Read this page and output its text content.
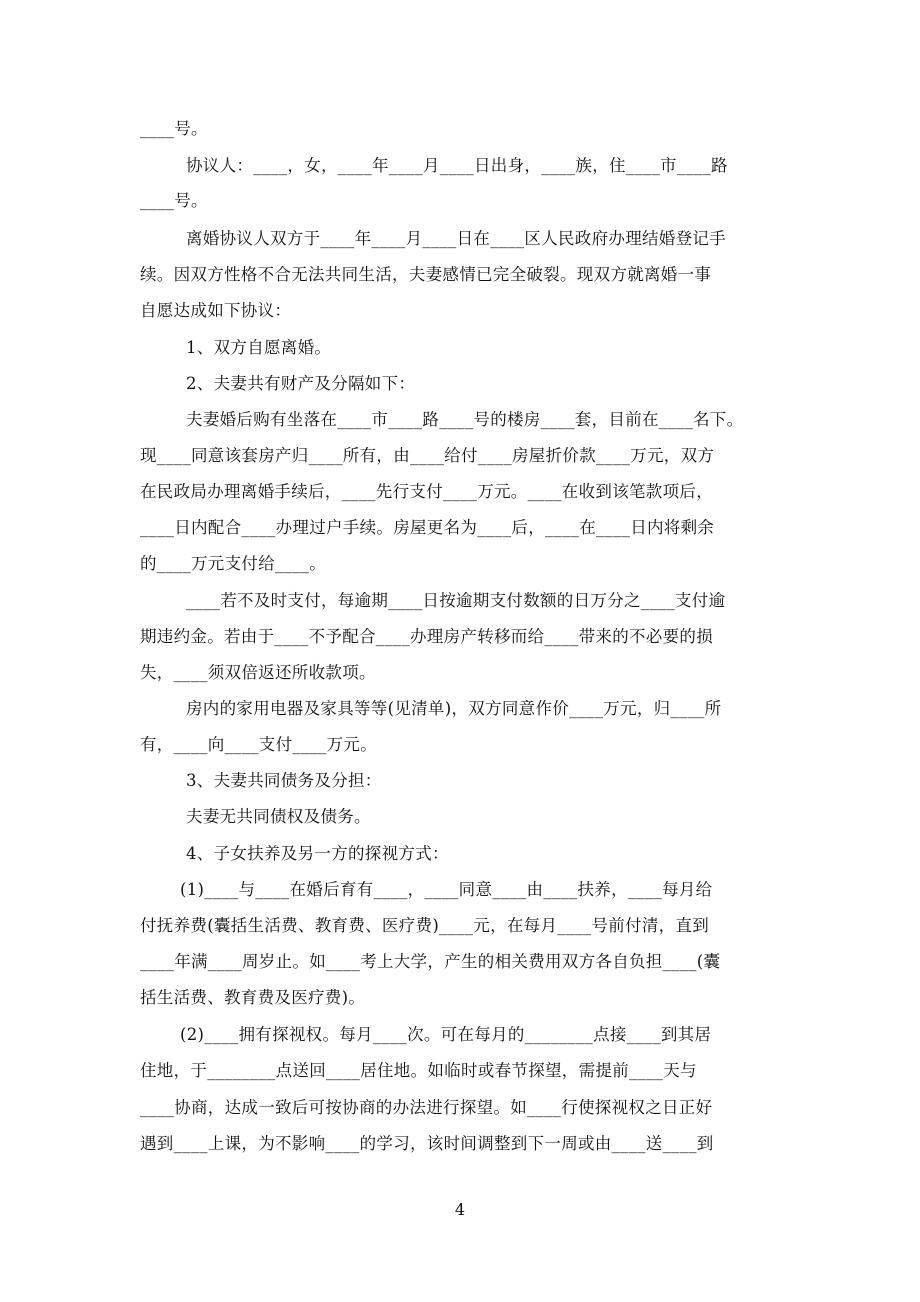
____号。
协议人：____，女，____年____月____日出身，____族，住____市____路
____号。
离婚协议人双方于____年____月____日在____区人民政府办理结婚登记手
续。因双方性格不合无法共同生活，夫妻感情已完全破裂。现双方就离婚一事
自愿达成如下协议：
1、双方自愿离婚。
2、夫妻共有财产及分隔如下：
夫妻婚后购有坐落在____市____路____号的楼房____套，目前在____名下。
现____同意该套房产归____所有，由____给付____房屋折价款____万元，双方
在民政局办理离婚手续后，____先行支付____万元。____在收到该笔款项后，
____日内配合____办理过户手续。房屋更名为____后，____在____日内将剩余
的____万元支付给____。
____若不及时支付，每逾期____日按逾期支付数额的日万分之____支付逾
期违约金。若由于____不予配合____办理房产转移而给____带来的不必要的损
失，____须双倍返还所收款项。
房内的家用电器及家具等等(见清单)，双方同意作价____万元，归____所
有，____向____支付____万元。
3、夫妻共同债务及分担：
夫妻无共同债权及债务。
4、子女扶养及另一方的探视方式：
(1)____与____在婚后育有____，____同意____由____扶养，____每月给
付抚养费(囊括生活费、教育费、医疗费)____元，在每月____号前付清，直到
____年满____周岁止。如____考上大学，产生的相关费用双方各自负担____(囊
括生活费、教育费及医疗费)。
(2)____拥有探视权。每月____次。可在每月的________点接____到其居
住地，于________点送回____居住地。如临时或春节探望，需提前____天与
____协商，达成一致后可按协商的办法进行探望。如____行使探视权之日正好
遇到____上课，为不影响____的学习，该时间调整到下一周或由____送____到
4
